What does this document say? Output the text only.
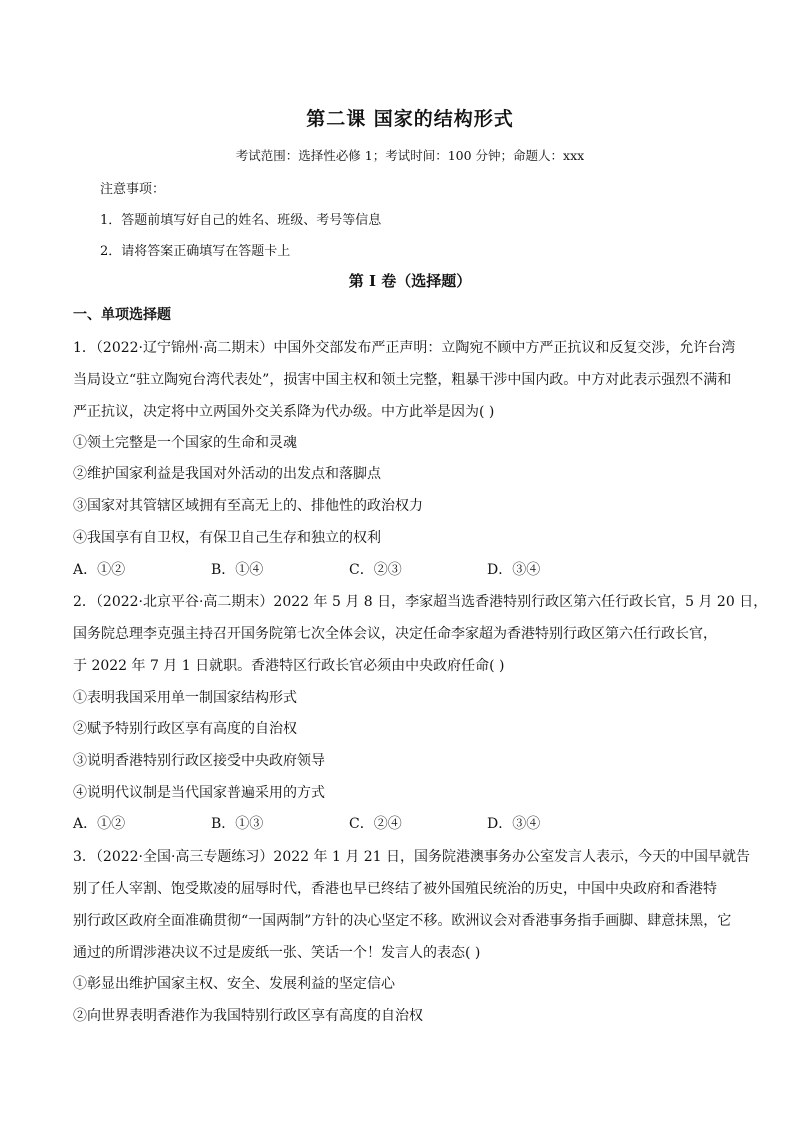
第二课 国家的结构形式
考试范围：选择性必修 1；考试时间：100 分钟；命题人：xxx
注意事项：
1．答题前填写好自己的姓名、班级、考号等信息
2．请将答案正确填写在答题卡上
第 I 卷（选择题）
一、单项选择题
1．（2022·辽宁锦州·高二期末）中国外交部发布严正声明：立陶宛不顾中方严正抗议和反复交涉，允许台湾
当局设立“驻立陶宛台湾代表处”，损害中国主权和领土完整，粗暴干涉中国内政。中方对此表示强烈不满和
严正抗议，决定将中立两国外交关系降为代办级。中方此举是因为( )
①领土完整是一个国家的生命和灵魂
②维护国家利益是我国对外活动的出发点和落脚点
③国家对其管辖区域拥有至高无上的、排他性的政治权力
④我国享有自卫权，有保卫自己生存和独立的权利
A．①②	B．①④	C．②③	D．③④
2．（2022·北京平谷·高二期末）2022 年 5 月 8 日，李家超当选香港特别行政区第六任行政长官，5 月 20 日，
国务院总理李克强主持召开国务院第七次全体会议，决定任命李家超为香港特别行政区第六任行政长官，
于 2022 年 7 月 1 日就职。香港特区行政长官必须由中央政府任命( )
①表明我国采用单一制国家结构形式
②赋予特别行政区享有高度的自治权
③说明香港特别行政区接受中央政府领导
④说明代议制是当代国家普遍采用的方式
A．①②	B．①③	C．②④	D．③④
3．（2022·全国·高三专题练习）2022 年 1 月 21 日，国务院港澳事务办公室发言人表示，今天的中国早就告
别了任人宰割、饱受欺凌的屈辱时代，香港也早已终结了被外国殖民统治的历史，中国中央政府和香港特
别行政区政府全面准确贯彻“一国两制”方针的决心坚定不移。欧洲议会对香港事务指手画脚、肆意抹黑，它
通过的所谓涉港决议不过是废纸一张、笑话一个！发言人的表态( )
①彰显出维护国家主权、安全、发展利益的坚定信心
②向世界表明香港作为我国特别行政区享有高度的自治权
